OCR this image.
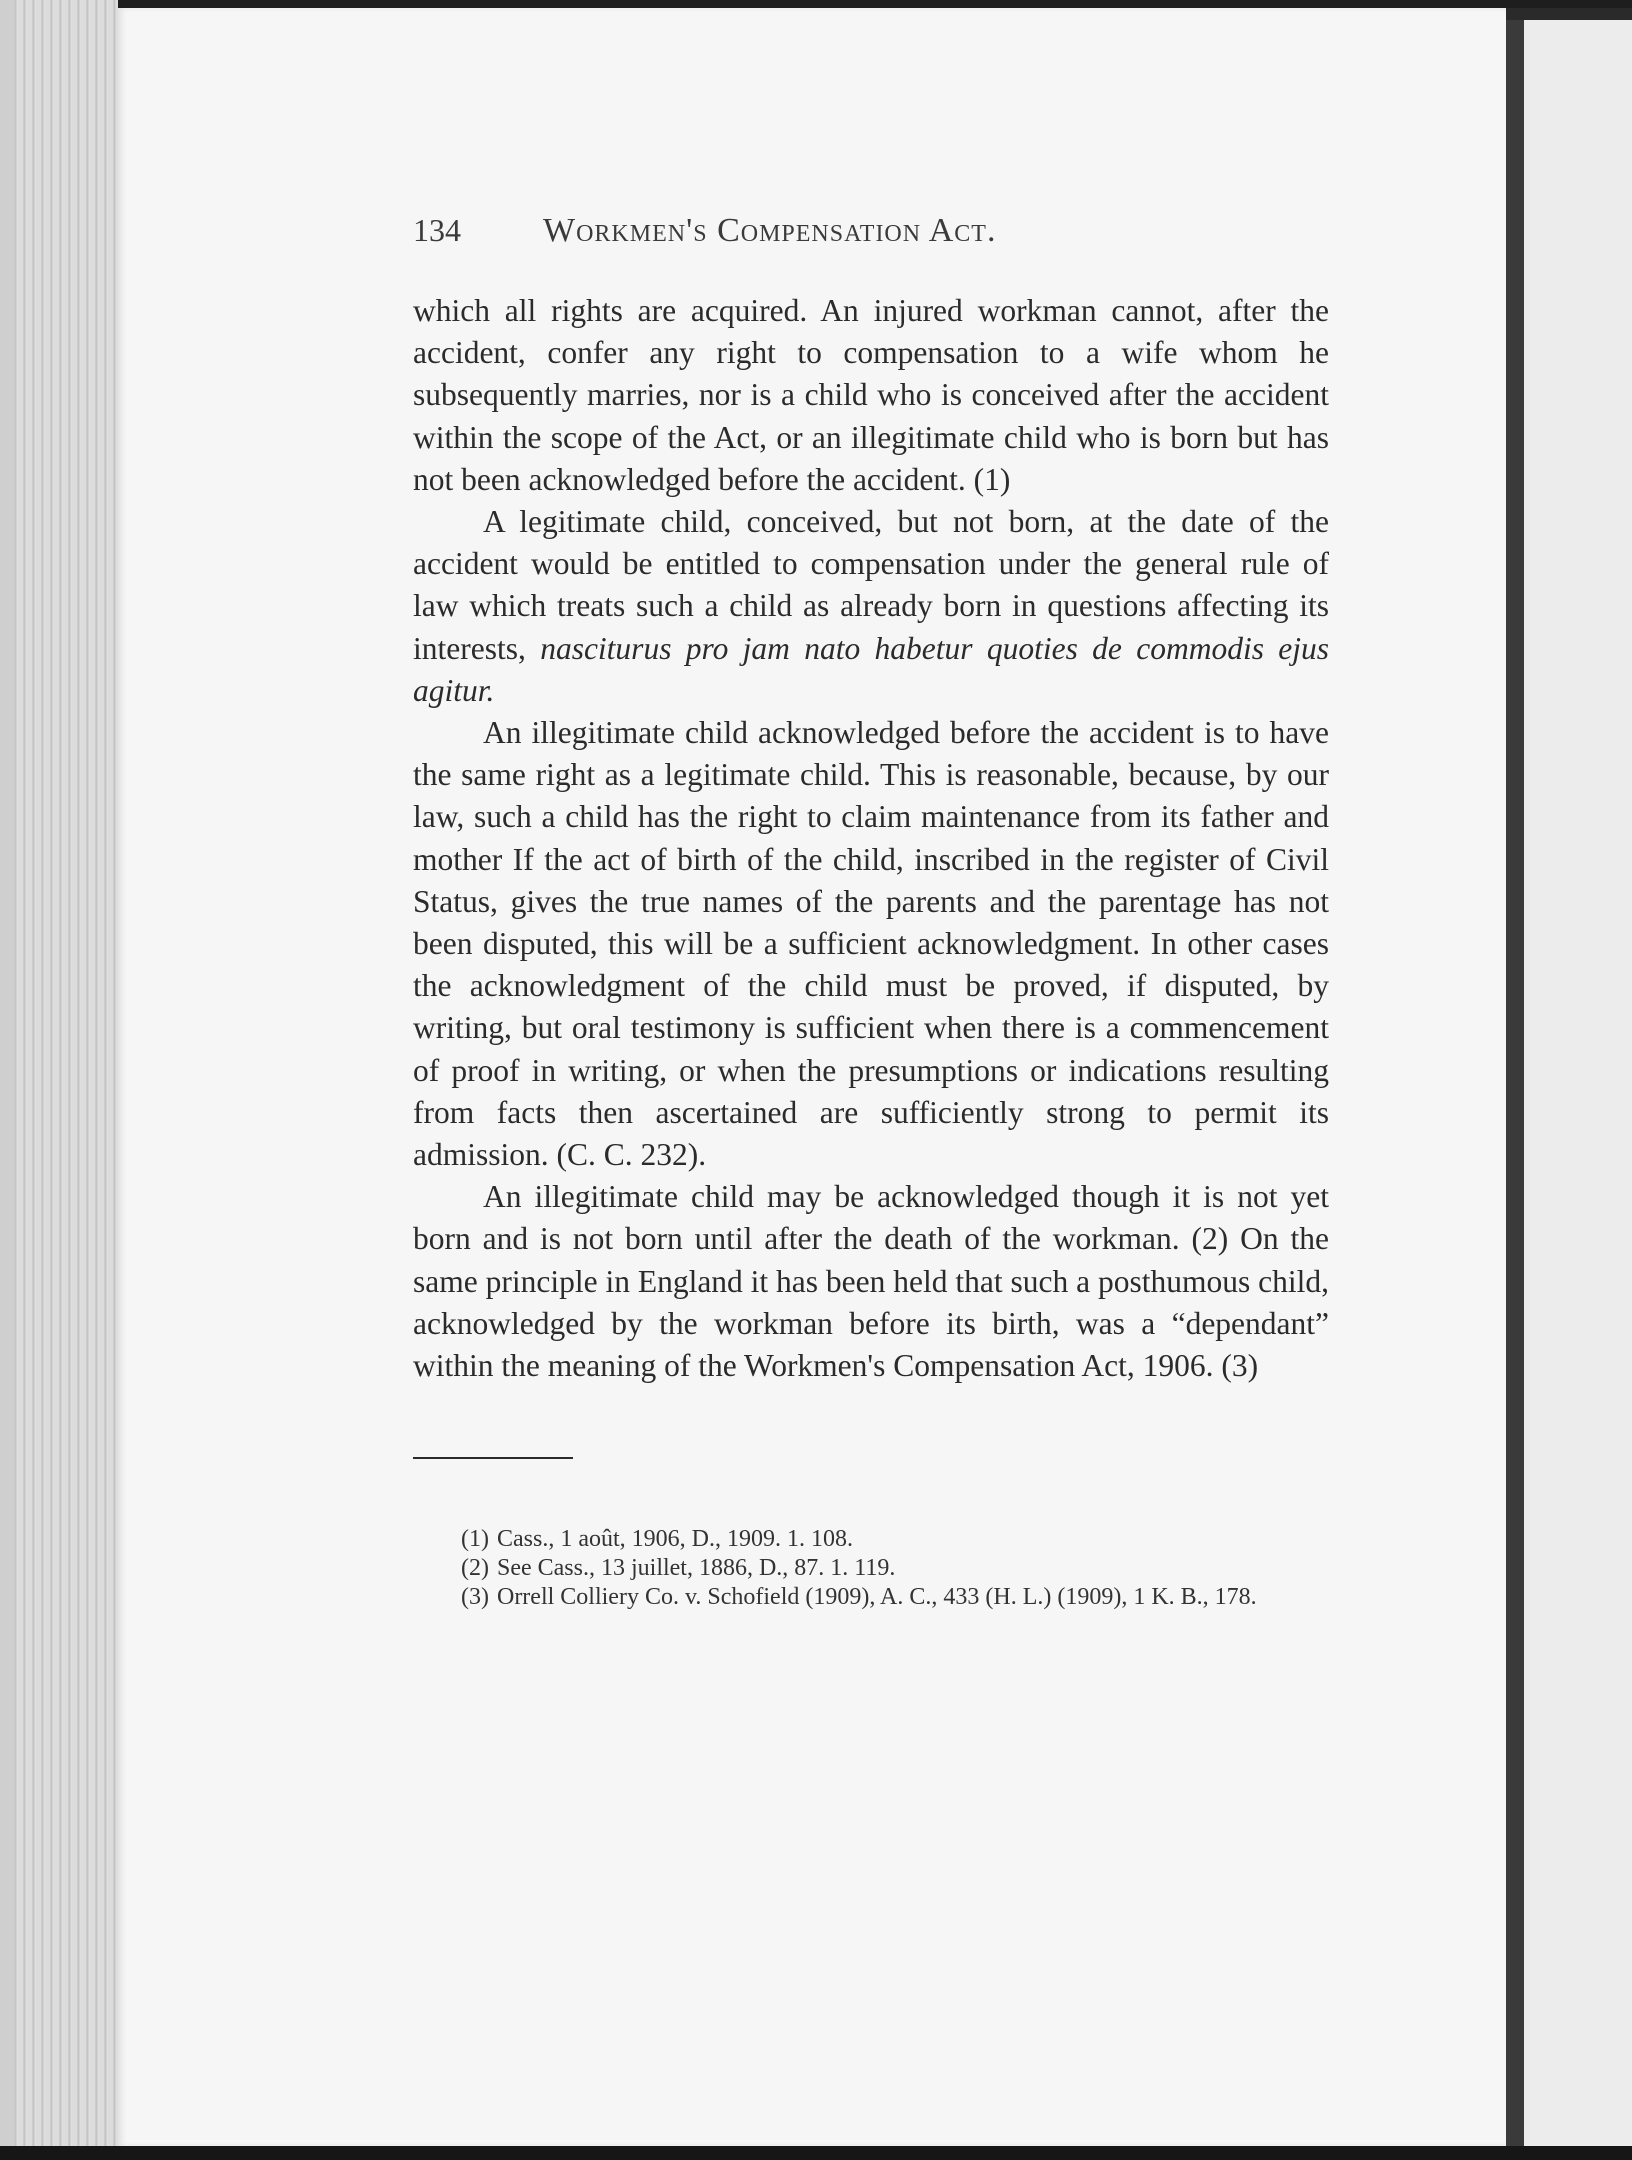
134	Workmen's Compensation Act.

which all rights are acquired. An injured workman cannot, after the accident, confer any right to compensation to a wife whom he subsequently marries, nor is a child who is conceived after the accident within the scope of the Act, or an illegitimate child who is born but has not been acknowledged before the accident. (1)

A legitimate child, conceived, but not born, at the date of the accident would be entitled to compensation under the general rule of law which treats such a child as already born in questions affecting its interests, nasciturus pro jam nato habetur quoties de commodis ejus agitur.

An illegitimate child acknowledged before the accident is to have the same right as a legitimate child. This is reasonable, because, by our law, such a child has the right to claim maintenance from its father and mother If the act of birth of the child, inscribed in the register of Civil Status, gives the true names of the parents and the parentage has not been disputed, this will be a sufficient acknowledgment. In other cases the acknowledgment of the child must be proved, if disputed, by writing, but oral testimony is sufficient when there is a commencement of proof in writing, or when the presumptions or indications resulting from facts then ascertained are sufficiently strong to permit its admission. (C. C. 232).

An illegitimate child may be acknowledged though it is not yet born and is not born until after the death of the workman. (2) On the same principle in England it has been held that such a posthumous child, acknowledged by the workman before its birth, was a “dependant” within the meaning of the Workmen's Compensation Act, 1906. (3)

(1) Cass., 1 août, 1906, D., 1909. 1. 108.

(2) See Cass., 13 juillet, 1886, D., 87. 1. 119.

(3) Orrell Colliery Co. v. Schofield (1909), A. C., 433 (H. L.) (1909), 1 K. B., 178.
